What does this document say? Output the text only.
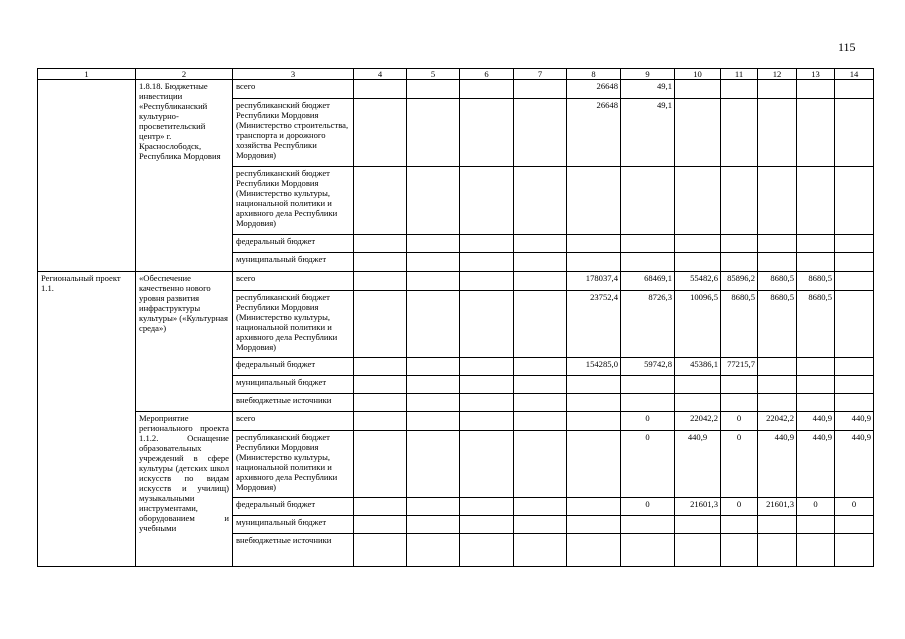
115
1	2	3	4	5	6	7	8	9	10	11	12	13	14
	1.8.18. Бюджетные инвестиции «Республиканский культурно-просветительский центр» г. Краснослободск, Республика Мордовия	всего					26648	49,1					
		республиканский бюджет Республики Мордовия (Министерство строительства, транспорта и дорожного хозяйства Республики Мордовия)					26648	49,1					
		республиканский бюджет Республики Мордовия (Министерство культуры, национальной политики и архивного дела Республики Мордовия)											
		федеральный бюджет											
		муниципальный бюджет											
Региональный проект 1.1.	«Обеспечение качественно нового уровня развития инфраструктуры культуры» («Культурная среда»)	всего					178037,4	68469,1	55482,6	85896,2	8680,5	8680,5	
		республиканский бюджет Республики Мордовия (Министерство культуры, национальной политики и архивного дела Республики Мордовия)					23752,4	8726,3	10096,5	8680,5	8680,5	8680,5	
		федеральный бюджет					154285,0	59742,8	45386,1	77215,7			
		муниципальный бюджет											
		внебюджетные источники											
	Мероприятие регионального проекта 1.1.2. Оснащение образовательных учреждений в сфере культуры (детских школ искусств по видам искусств и училищ) музыкальными инструментами, оборудованием и учебными	всего						0	22042,2	0	22042,2	440,9	440,9
		республиканский бюджет Республики Мордовия (Министерство культуры, национальной политики и архивного дела Республики Мордовия)						0	440,9	0	440,9	440,9	440,9
		федеральный бюджет						0	21601,3	0	21601,3	0	0
		муниципальный бюджет											
		внебюджетные источники											
